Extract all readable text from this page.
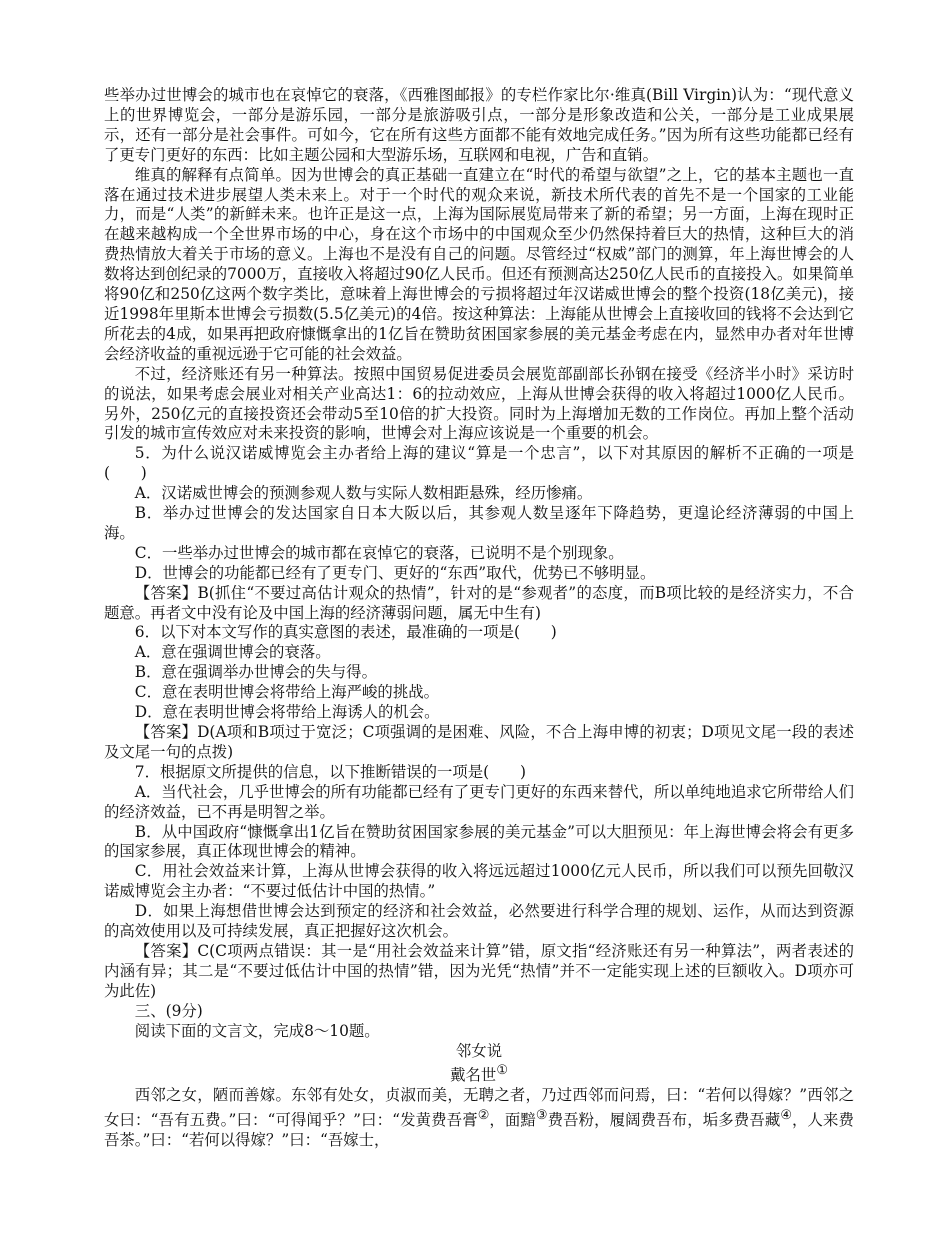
些举办过世博会的城市也在哀悼它的衰落，《西雅图邮报》的专栏作家比尔·维真(Bill Virgin)认为：“现代意义上的世界博览会，一部分是游乐园，一部分是旅游吸引点，一部分是形象改造和公关，一部分是工业成果展示，还有一部分是社会事件。可如今，它在所有这些方面都不能有效地完成任务。”因为所有这些功能都已经有了更专门更好的东西：比如主题公园和大型游乐场，互联网和电视，广告和直销。

维真的解释有点简单。因为世博会的真正基础一直建立在“时代的希望与欲望”之上，它的基本主题也一直落在通过技术进步展望人类未来上。对于一个时代的观众来说，新技术所代表的首先不是一个国家的工业能力，而是“人类”的新鲜未来。也许正是这一点，上海为国际展览局带来了新的希望；另一方面，上海在现时正在越来越构成一个全世界市场的中心，身在这个市场中的中国观众至少仍然保持着巨大的热情，这种巨大的消费热情放大着关于市场的意义。上海也不是没有自己的问题。尽管经过“权威”部门的测算，年上海世博会的人数将达到创纪录的7000万，直接收入将超过90亿人民币。但还有预测高达250亿人民币的直接投入。如果简单将90亿和250亿这两个数字类比，意味着上海世博会的亏损将超过年汉诺威世博会的整个投资(18亿美元)，接近1998年里斯本世博会亏损数(5.5亿美元)的4倍。按这种算法：上海能从世博会上直接收回的钱将不会达到它所花去的4成，如果再把政府慷慨拿出的1亿旨在赞助贫困国家参展的美元基金考虑在内，显然申办者对年世博会经济收益的重视远逊于它可能的社会效益。

不过，经济账还有另一种算法。按照中国贸易促进委员会展览部副部长孙钢在接受《经济半小时》采访时的说法，如果考虑会展业对相关产业高达1：6的拉动效应，上海从世博会获得的收入将超过1000亿人民币。另外，250亿元的直接投资还会带动5至10倍的扩大投资。同时为上海增加无数的工作岗位。再加上整个活动引发的城市宣传效应对未来投资的影响，世博会对上海应该说是一个重要的机会。

5．为什么说汉诺威博览会主办者给上海的建议“算是一个忠言”，以下对其原因的解析不正确的一项是(　　)

A．汉诺威世博会的预测参观人数与实际人数相距悬殊，经历惨痛。

B．举办过世博会的发达国家自日本大阪以后，其参观人数呈逐年下降趋势，更遑论经济薄弱的中国上海。

C．一些举办过世博会的城市都在哀悼它的衰落，已说明不是个别现象。

D．世博会的功能都已经有了更专门、更好的“东西”取代，优势已不够明显。

【答案】B(抓住“不要过高估计观众的热情”，针对的是“参观者”的态度，而B项比较的是经济实力，不合题意。再者文中没有论及中国上海的经济薄弱问题，属无中生有)

6．以下对本文写作的真实意图的表述，最准确的一项是(　　)

A．意在强调世博会的衰落。

B．意在强调举办世博会的失与得。

C．意在表明世博会将带给上海严峻的挑战。

D．意在表明世博会将带给上海诱人的机会。

【答案】D(A项和B项过于宽泛；C项强调的是困难、风险，不合上海申博的初衷；D项见文尾一段的表述及文尾一句的点拨)

7．根据原文所提供的信息，以下推断错误的一项是(　　)

A．当代社会，几乎世博会的所有功能都已经有了更专门更好的东西来替代，所以单纯地追求它所带给人们的经济效益，已不再是明智之举。

B．从中国政府“慷慨拿出1亿旨在赞助贫困国家参展的美元基金”可以大胆预见：年上海世博会将会有更多的国家参展，真正体现世博会的精神。

C．用社会效益来计算，上海从世博会获得的收入将远远超过1000亿元人民币，所以我们可以预先回敬汉诺威博览会主办者：“不要过低估计中国的热情。”

D．如果上海想借世博会达到预定的经济和社会效益，必然要进行科学合理的规划、运作，从而达到资源的高效使用以及可持续发展，真正把握好这次机会。

【答案】C(C项两点错误：其一是“用社会效益来计算”错，原文指“经济账还有另一种算法”，两者表述的内涵有异；其二是“不要过低估计中国的热情”错，因为光凭“热情”并不一定能实现上述的巨额收入。D项亦可为此佐)

三、(9分)

阅读下面的文言文，完成8～10题。

邻女说

戴名世①

西邻之女，陋而善嫁。东邻有处女，贞淑而美，无聘之者，乃过西邻而问焉，曰：“若何以得嫁？”西邻之女曰：“吾有五费。”曰：“可得闻乎？”曰：“发黄费吾膏②，面黯③费吾粉，履阔费吾布，垢多费吾藏④，人来费吾茶。”曰：“若何以得嫁？”曰：“吾嫁士，
